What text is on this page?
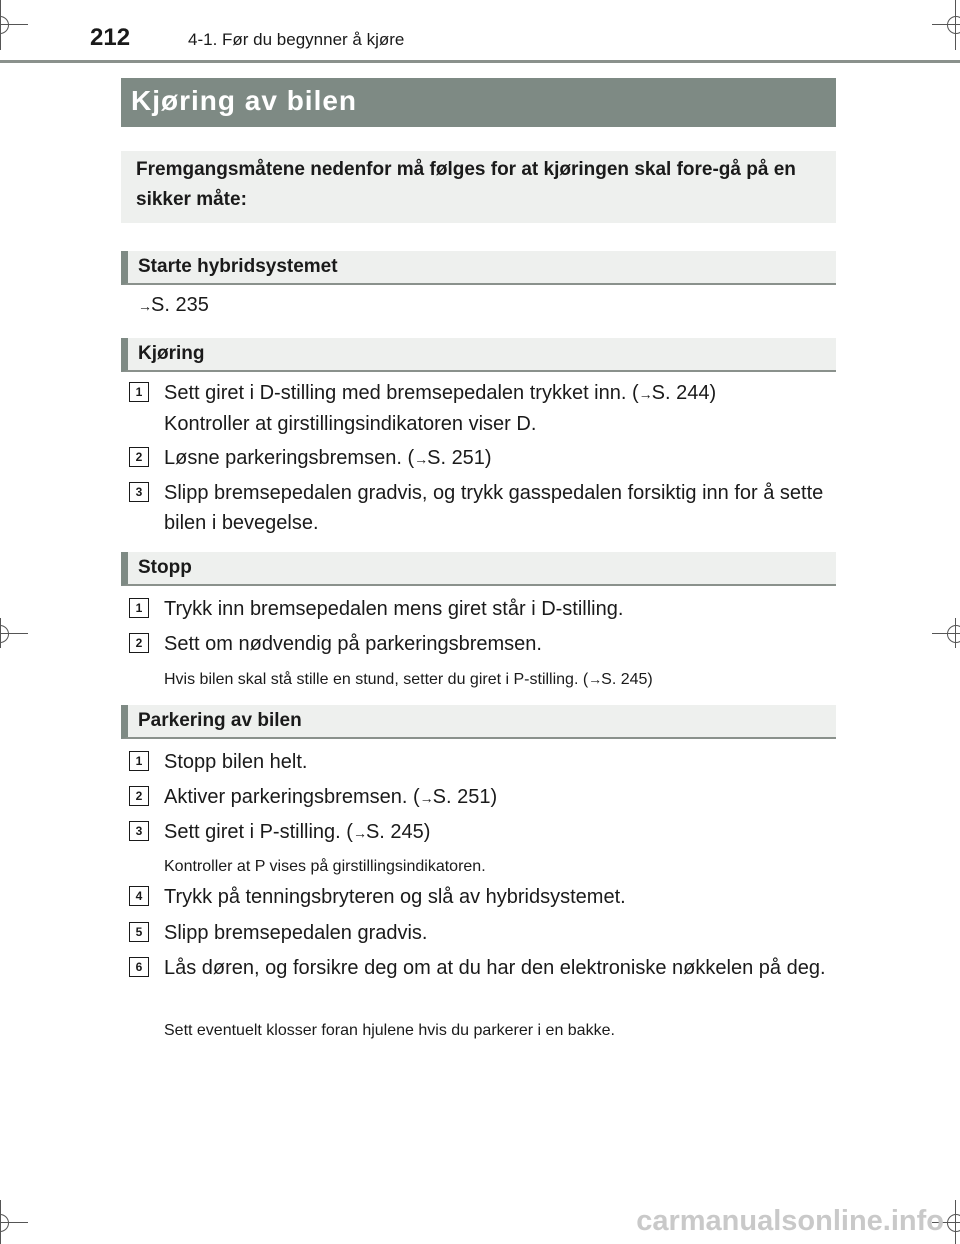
212	4-1. Før du begynner å kjøre
Kjøring av bilen

Fremgangsmåtene nedenfor må følges for at kjøringen skal fore-gå på en sikker måte:

Starte hybridsystemet
→S. 235
Kjøring
1	Sett giret i D-stilling med bremsepedalen trykket inn. (→S. 244)
Kontroller at girstillingsindikatoren viser D.
2	Løsne parkeringsbremsen. (→S. 251)
3	Slipp bremsepedalen gradvis, og trykk gasspedalen forsiktig inn for å sette bilen i bevegelse.
Stopp
1	Trykk inn bremsepedalen mens giret står i D-stilling.
2	Sett om nødvendig på parkeringsbremsen.
Hvis bilen skal stå stille en stund, setter du giret i P-stilling. (→S. 245)
Parkering av bilen
1	Stopp bilen helt.
2	Aktiver parkeringsbremsen. (→S. 251)
3	Sett giret i P-stilling. (→S. 245)
Kontroller at P vises på girstillingsindikatoren.
4	Trykk på tenningsbryteren og slå av hybridsystemet.
5	Slipp bremsepedalen gradvis.
6	Lås døren, og forsikre deg om at du har den elektroniske nøkkelen på deg.
Sett eventuelt klosser foran hjulene hvis du parkerer i en bakke.
carmanualsonline.info
